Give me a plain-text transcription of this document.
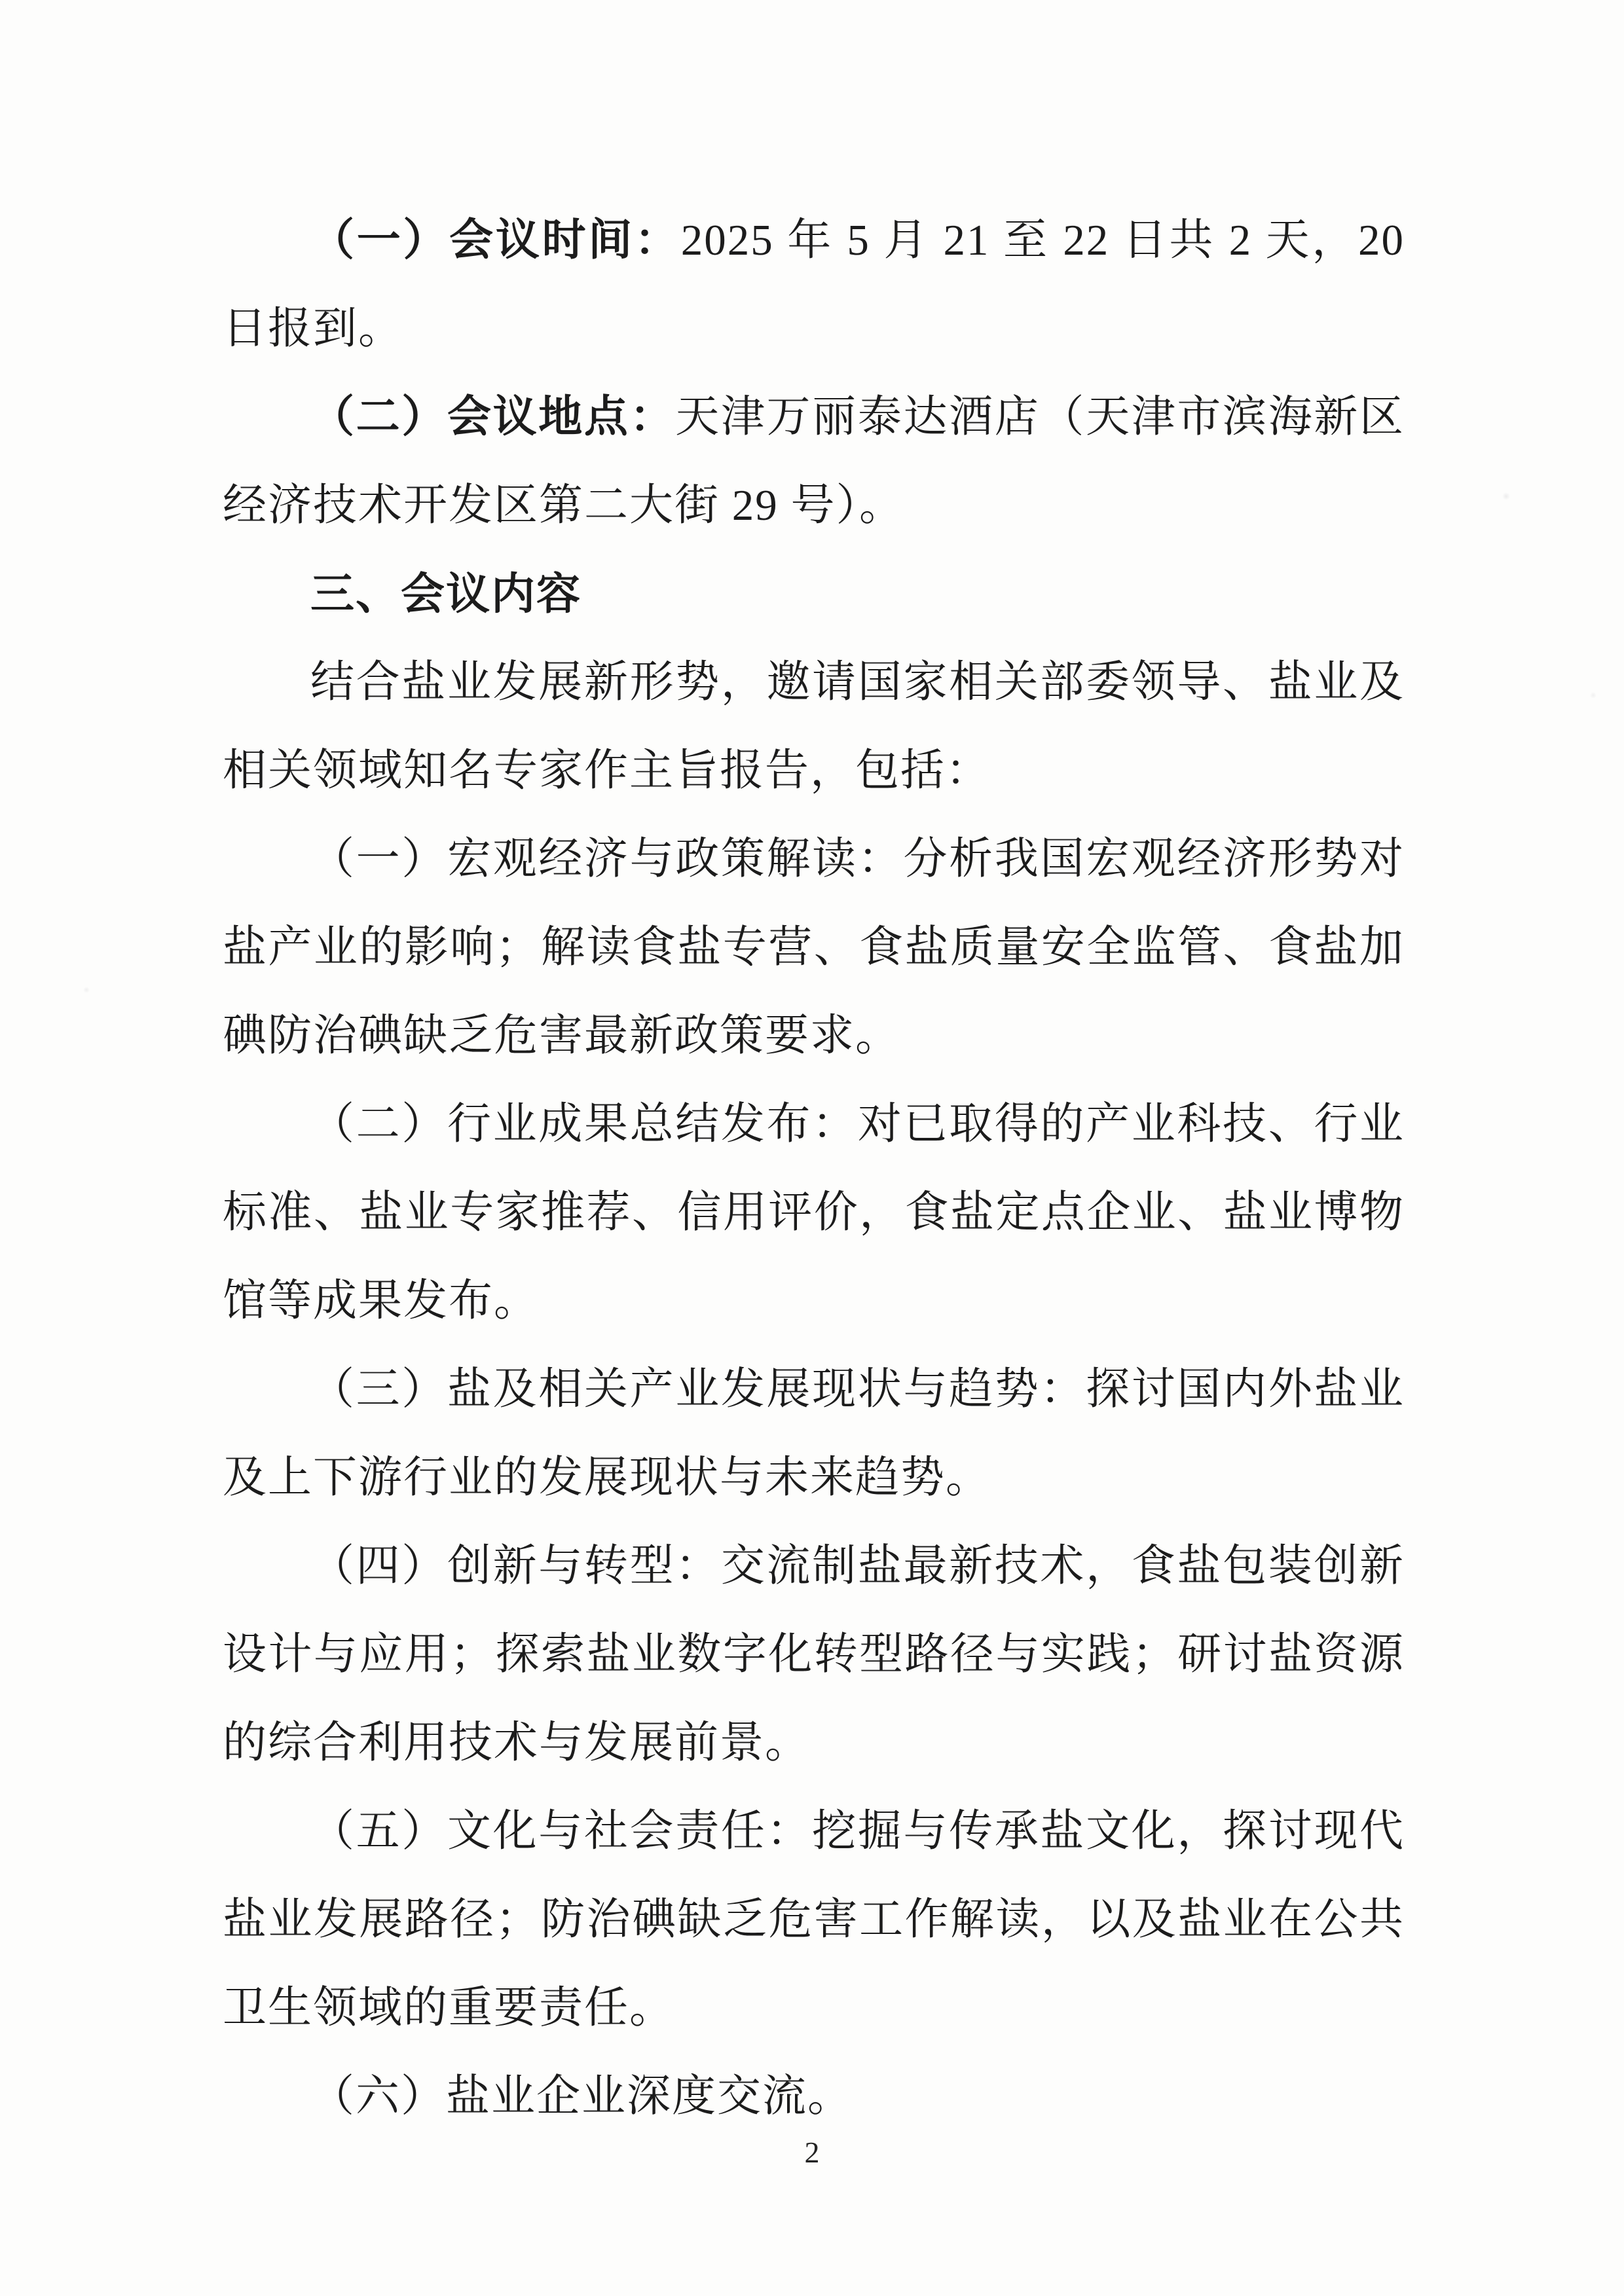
（一）会议时间：2025 年 5 月 21 至 22 日共 2 天，20 日报到。

（二）会议地点：天津万丽泰达酒店（天津市滨海新区经济技术开发区第二大街 29 号）。

三、会议内容

结合盐业发展新形势，邀请国家相关部委领导、盐业及相关领域知名专家作主旨报告，包括：

（一）宏观经济与政策解读：分析我国宏观经济形势对盐产业的影响；解读食盐专营、食盐质量安全监管、食盐加碘防治碘缺乏危害最新政策要求。

（二）行业成果总结发布：对已取得的产业科技、行业标准、盐业专家推荐、信用评价，食盐定点企业、盐业博物馆等成果发布。

（三）盐及相关产业发展现状与趋势：探讨国内外盐业及上下游行业的发展现状与未来趋势。

（四）创新与转型：交流制盐最新技术，食盐包装创新设计与应用；探索盐业数字化转型路径与实践；研讨盐资源的综合利用技术与发展前景。

（五）文化与社会责任：挖掘与传承盐文化，探讨现代盐业发展路径；防治碘缺乏危害工作解读，以及盐业在公共卫生领域的重要责任。

（六）盐业企业深度交流。

2
